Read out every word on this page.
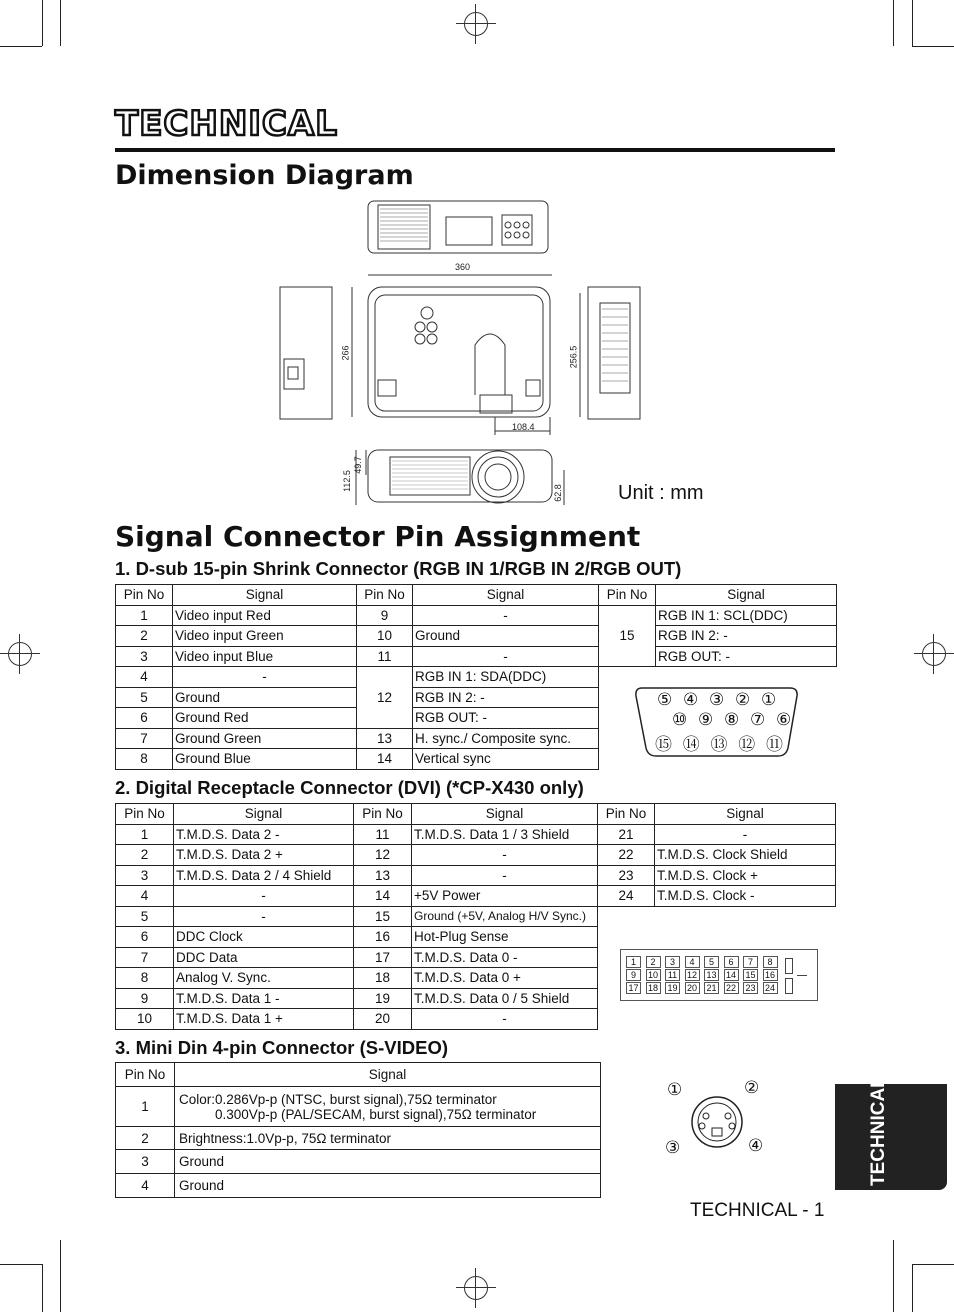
TECHNICAL
Dimension Diagram
360
266	256.5
108.4
112.5
49.7
62.8	Unit : mm
Signal Connector Pin Assignment
1. D-sub 15-pin Shrink Connector (RGB IN 1/RGB IN 2/RGB OUT)
Pin No	Signal	Pin No	Signal	Pin No	Signal
1	Video input Red	9	-	15	RGB IN 1: SCL(DDC)
2	Video input Green	10	Ground		RGB IN 2: -
3	Video input Blue	11	-		RGB OUT: -
4	-	12	RGB IN 1: SDA(DDC)		
5	Ground		RGB IN 2: -		
6	Ground Red		RGB OUT: -		
7	Ground Green	13	H. sync./ Composite sync.		
8	Ground Blue	14	Vertical sync		
⑤ ④ ③ ② ①
⑩ ⑨ ⑧ ⑦ ⑥
⑮ ⑭ ⑬ ⑫ ⑪
2. Digital Receptacle Connector (DVI) (*CP-X430 only)
Pin No	Signal	Pin No	Signal	Pin No	Signal
1	T.M.D.S. Data 2 -	11	T.M.D.S. Data 1 / 3 Shield	21	-
2	T.M.D.S. Data 2 +	12	-	22	T.M.D.S. Clock Shield
3	T.M.D.S. Data 2 / 4 Shield	13	-	23	T.M.D.S. Clock +
4	-	14	+5V Power	24	T.M.D.S. Clock -
5	-	15	Ground (+5V, Analog H/V Sync.)		
6	DDC Clock	16	Hot-Plug Sense		
7	DDC Data	17	T.M.D.S. Data 0 -		
8	Analog V. Sync.	18	T.M.D.S. Data 0 +		
9	T.M.D.S. Data 1 -	19	T.M.D.S. Data 0 / 5 Shield		
10	T.M.D.S. Data 1 +	20	-		
1	2	3	4	5	6	7	8
9	10	11	12 13 14 15 16
17 18 19 20 21 22 23 24
3. Mini Din 4-pin Connector (S-VIDEO)
Pin No	Signal
1	Color:0.286Vp-p (NTSC, burst signal),75Ω terminator
0.300Vp-p (PAL/SECAM, burst signal),75Ω terminator

2	Brightness:1.0Vp-p, 75Ω terminator
3	Ground
4	Ground
①	②
③	④	TECHNICAL
TECHNICAL - 1
